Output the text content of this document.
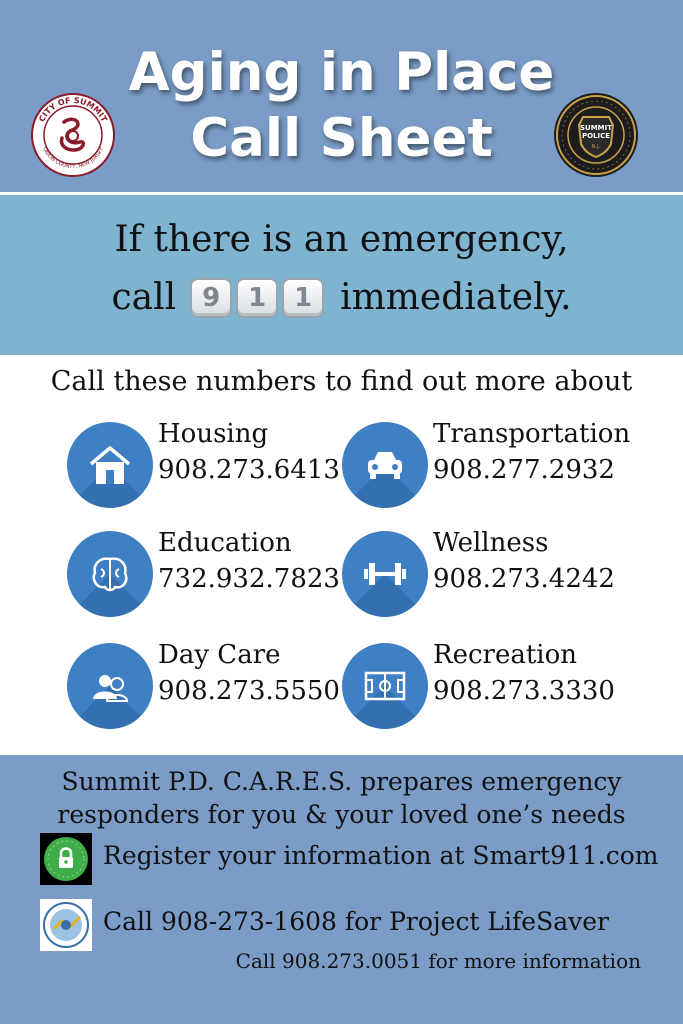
Aging in Place
Call Sheet
CITY OF SUMMIT
UNION COUNTY, NEW JERSEY
SUMMIT
POLICE
N.J.
If there is an emergency,
call 9	1	1 immediately.
Call these numbers to find out more about
Housing
908.273.6413
Transportation
908.277.2932
Education
732.932.7823
Wellness
908.273.4242
Day Care
908.273.5550
Recreation
908.273.3330
Summit P.D. C.A.R.E.S. prepares emergency
responders for you & your loved one’s needs
Register your information at Smart911.com
Call 908-273-1608 for Project LifeSaver
Call 908.273.0051 for more information
